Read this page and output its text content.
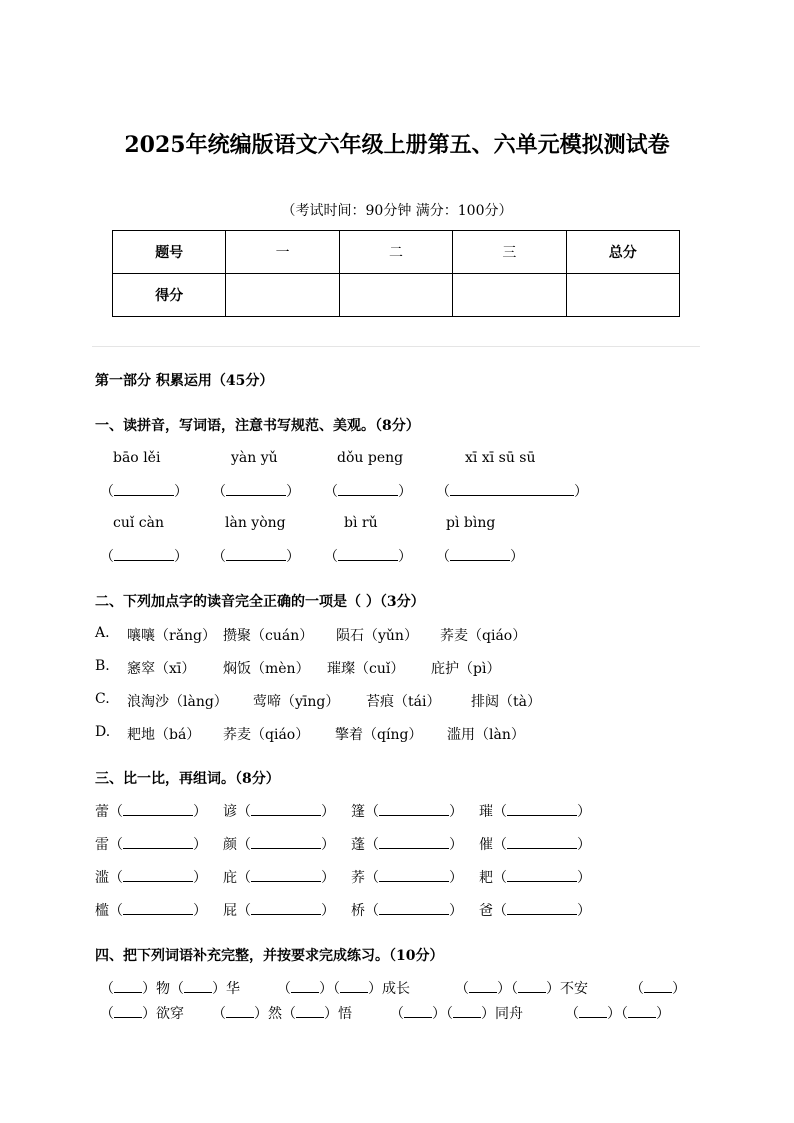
2025年统编版语文六年级上册第五、六单元模拟测试卷
（考试时间：90分钟 满分：100分）
题号	一	二	三	总分
得分				
第一部分 积累运用（45分）
一、读拼音，写词语，注意书写规范、美观。（8分）
bāo lěi	yàn yǔ	dǒu peng	xī xī sū sū
（	） （	） （	） （	）
cuǐ càn	làn yòng	bì rǔ	pì bìng
（	） （	） （	） （	）
二、下列加点字的读音完全正确的一项是（ ）（3分）
A. 嚷嚷（rǎng） 攒聚（cuán） 陨石（yǔn） 荞麦（qiáo）
B. 窸窣（xī） 焖饭（mèn） 璀璨（cuǐ） 庇护（pì）
C. 浪淘沙（làng） 莺啼（yīng） 苔痕（tái） 排闼（tà）
D. 耙地（bá） 荞麦（qiáo） 擎着（qíng） 滥用（làn）
三、比一比，再组词。（8分）
蕾（	） 谚（	） 篷（	） 璀（	）
雷（	） 颜（	） 蓬（	） 催（	）
滥（	） 庇（	） 荞（	） 耙（	）
槛（	） 屁（	） 桥（	） 爸（	）
四、把下列词语补充完整，并按要求完成练习。（10分）
（ ）物（ ）华	（ ）（ ）成长	（ ）（ ）不安	（ ）
（ ）欲穿 （ ）然（ ）悟	（ ）（ ）同舟	（ ）（ ）
